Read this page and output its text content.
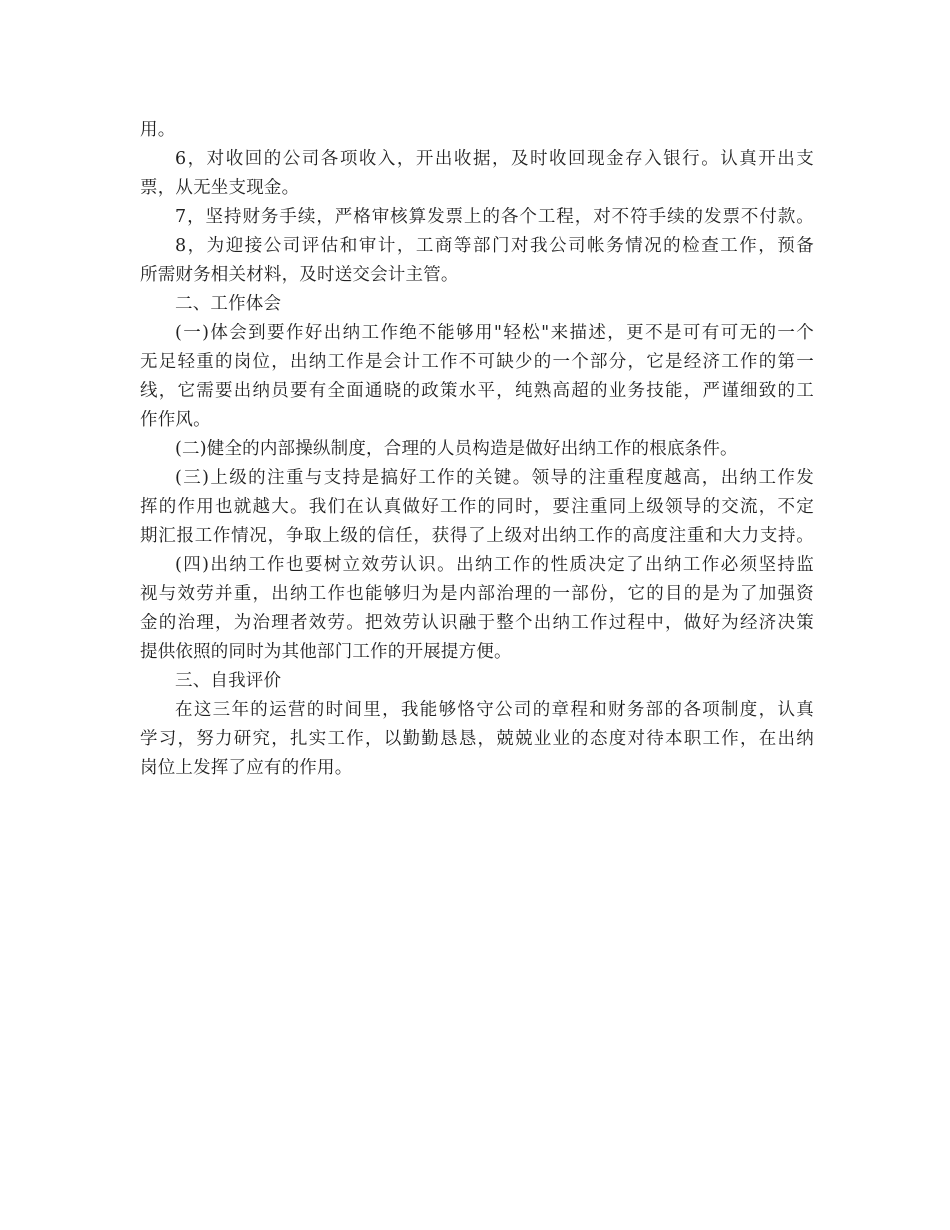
用。
6，对收回的公司各项收入，开出收据，及时收回现金存入银行。认真开出支
票，从无坐支现金。
7，坚持财务手续，严格审核算发票上的各个工程，对不符手续的发票不付款。
8，为迎接公司评估和审计，工商等部门对我公司帐务情况的检查工作，预备
所需财务相关材料，及时送交会计主管。
二、工作体会
(一)体会到要作好出纳工作绝不能够用"轻松"来描述，更不是可有可无的一个
无足轻重的岗位，出纳工作是会计工作不可缺少的一个部分，它是经济工作的第一
线，它需要出纳员要有全面通晓的政策水平，纯熟高超的业务技能，严谨细致的工
作作风。
(二)健全的内部操纵制度，合理的人员构造是做好出纳工作的根底条件。
(三)上级的注重与支持是搞好工作的关键。领导的注重程度越高，出纳工作发
挥的作用也就越大。我们在认真做好工作的同时，要注重同上级领导的交流，不定
期汇报工作情况，争取上级的信任，获得了上级对出纳工作的高度注重和大力支持。
(四)出纳工作也要树立效劳认识。出纳工作的性质决定了出纳工作必须坚持监
视与效劳并重，出纳工作也能够归为是内部治理的一部份，它的目的是为了加强资
金的治理，为治理者效劳。把效劳认识融于整个出纳工作过程中，做好为经济决策
提供依照的同时为其他部门工作的开展提方便。
三、自我评价
在这三年的运营的时间里，我能够恪守公司的章程和财务部的各项制度，认真
学习，努力研究，扎实工作，以勤勤恳恳，兢兢业业的态度对待本职工作，在出纳
岗位上发挥了应有的作用。
